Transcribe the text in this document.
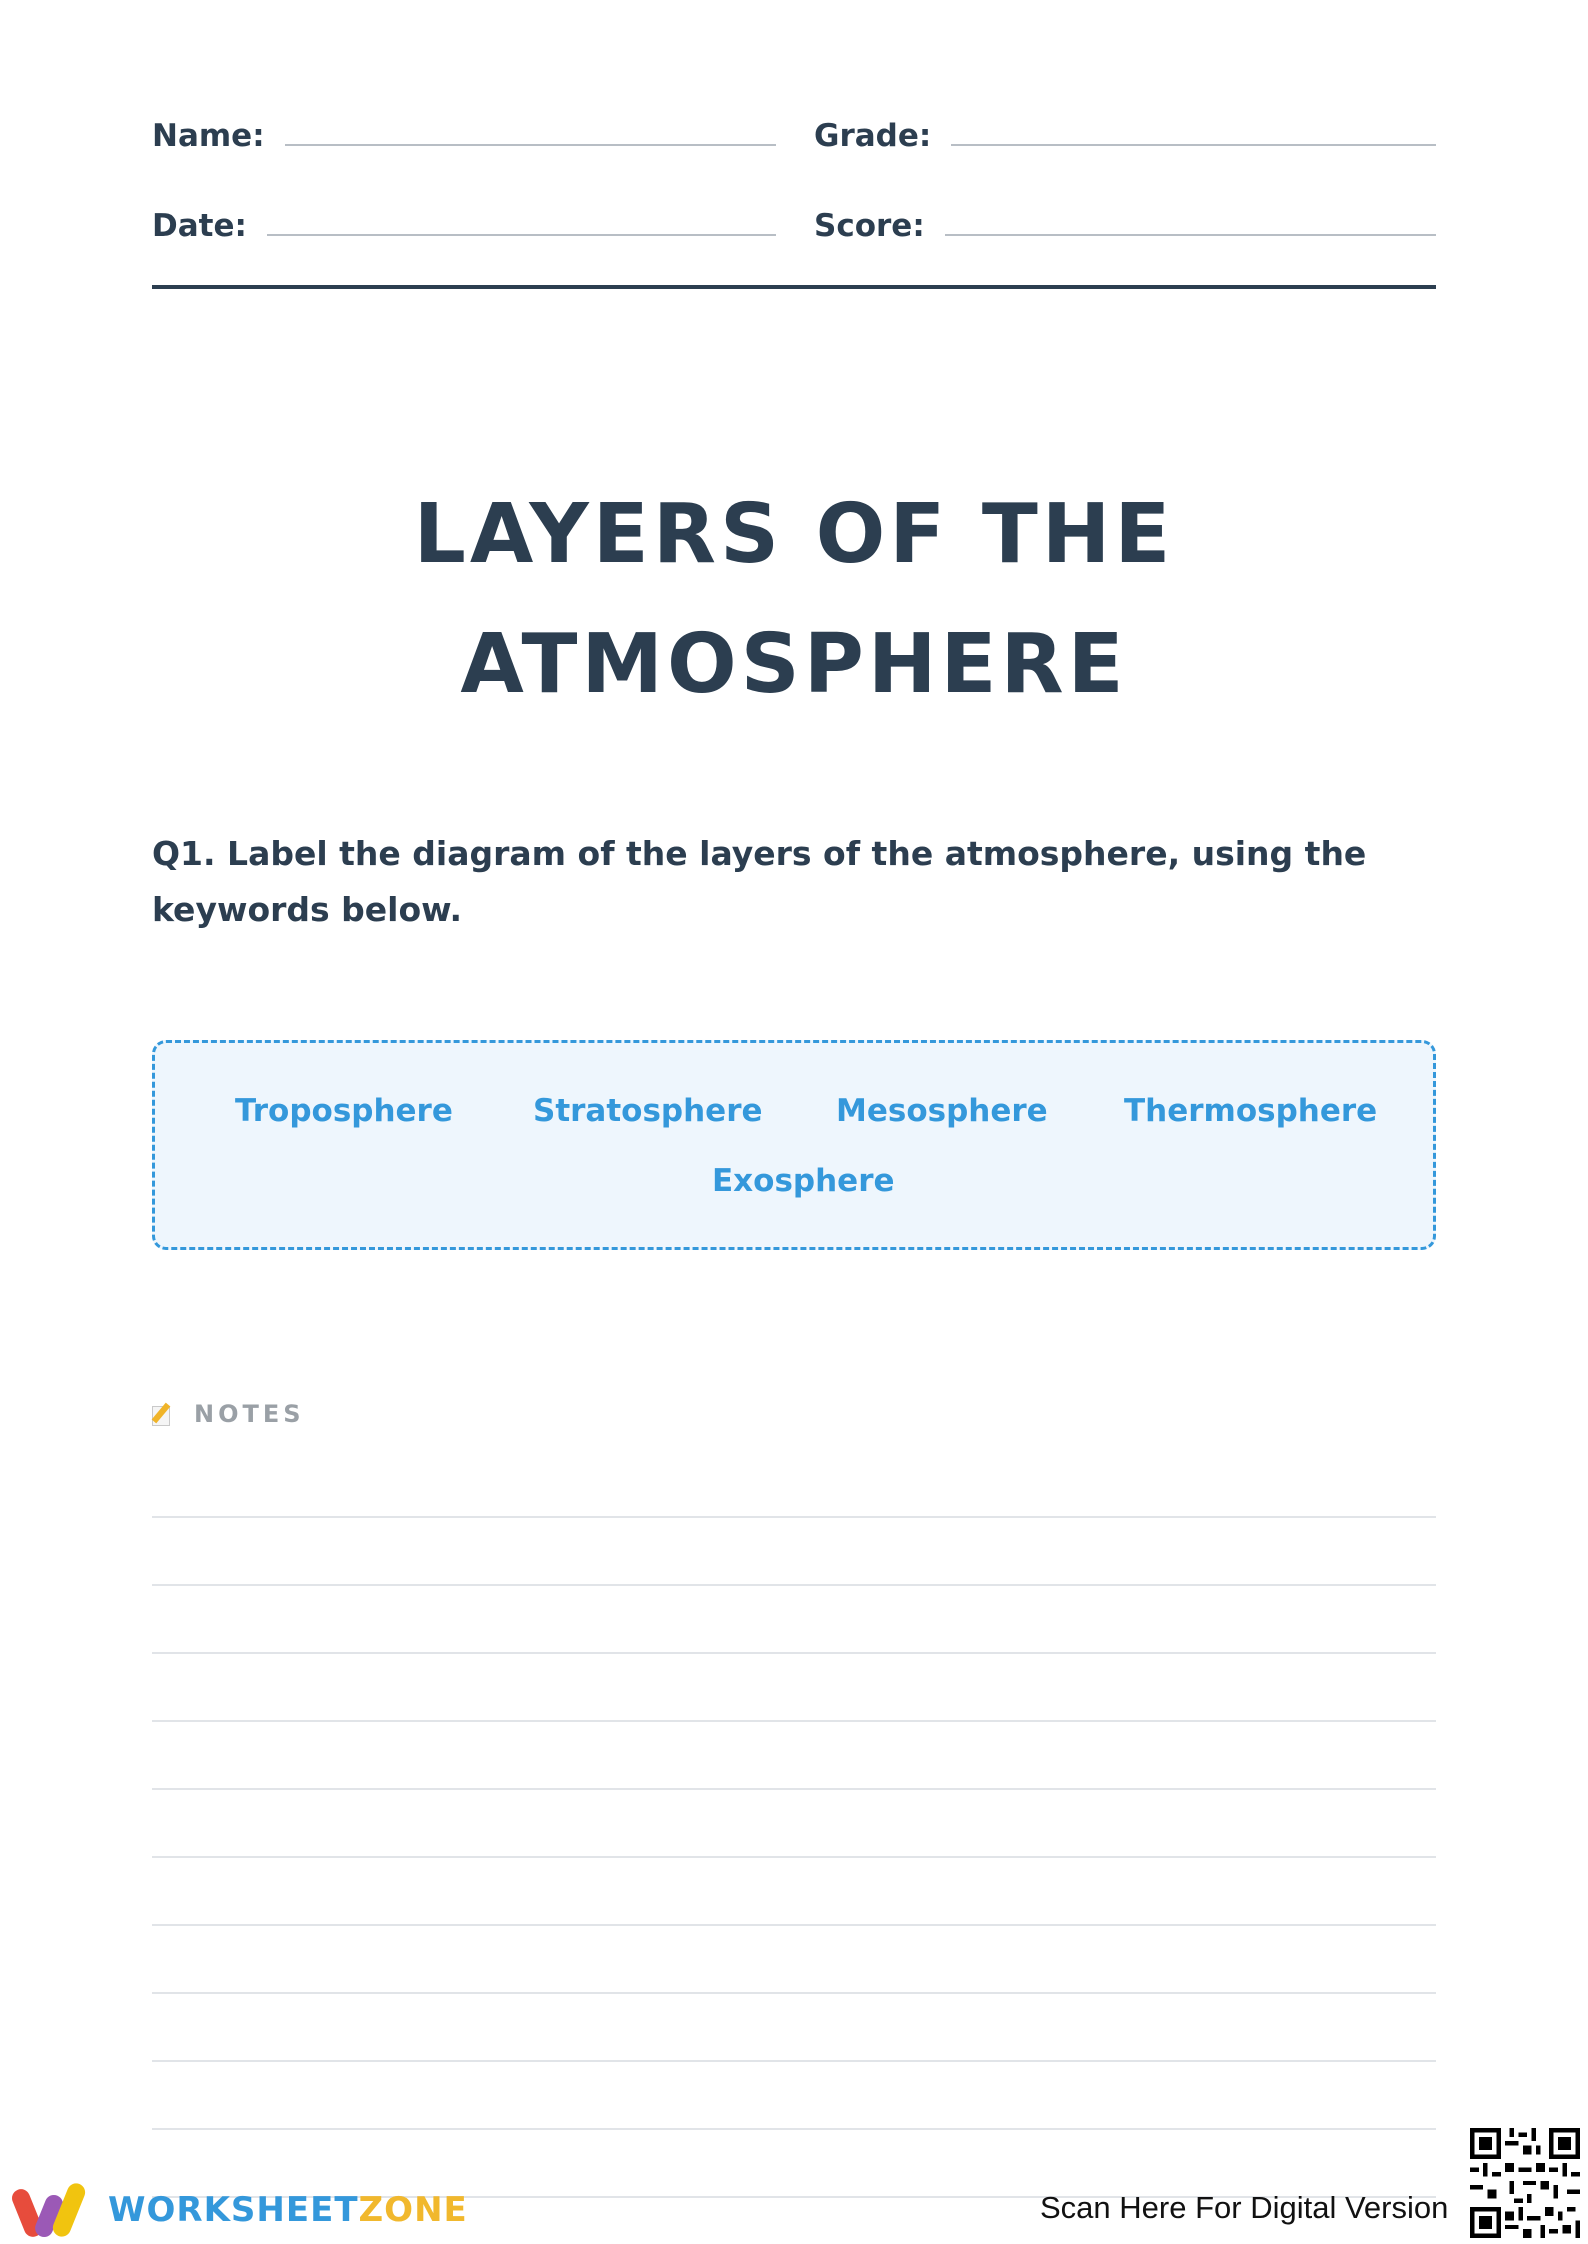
Name:	Grade:
Date:	Score:
LAYERS OF THE
ATMOSPHERE
Q1. Label the diagram of the layers of the atmosphere, using the keywords below.
Troposphere	Stratosphere Mesosphere Thermosphere
Exosphere
NOTES
WORKSHEETZONE	Scan Here For Digital Version
